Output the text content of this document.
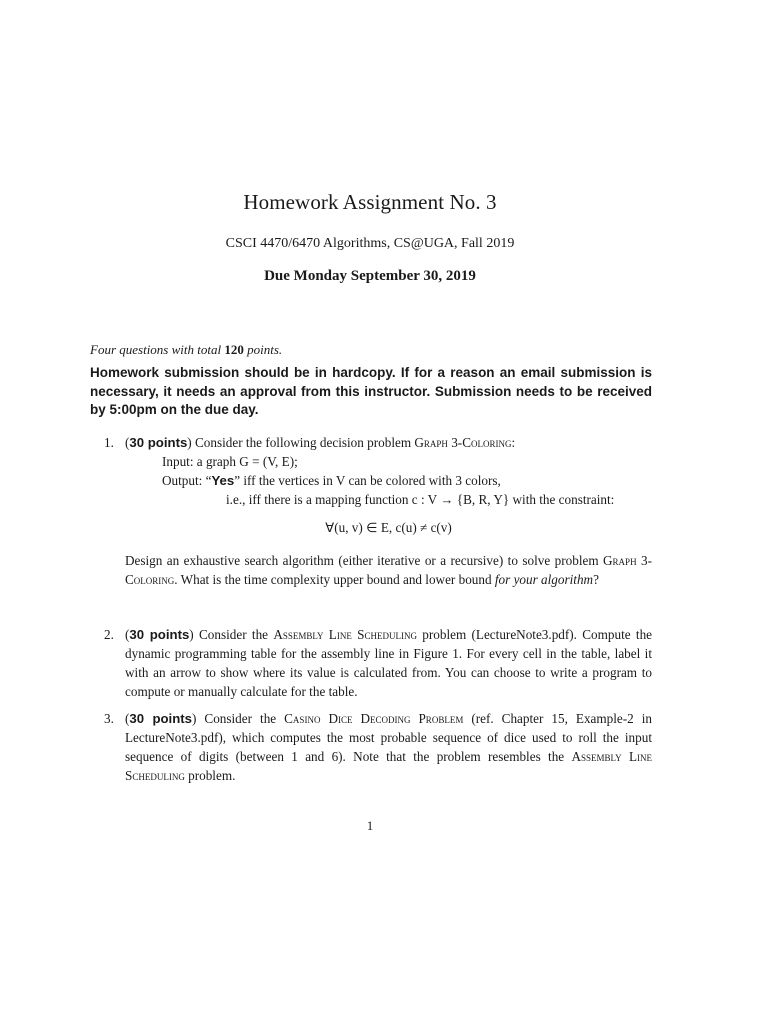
Homework Assignment No. 3
CSCI 4470/6470 Algorithms, CS@UGA, Fall 2019
Due Monday September 30, 2019
Four questions with total 120 points.
Homework submission should be in hardcopy. If for a reason an email submission is necessary, it needs an approval from this instructor. Submission needs to be received by 5:00pm on the due day.
1. (30 points) Consider the following decision problem Graph 3-Coloring:
Input: a graph G = (V, E);
Output: “Yes” iff the vertices in V can be colored with 3 colors,
i.e., iff there is a mapping function c : V → {B, R, Y} with the constraint:
∀(u, v) ∈ E, c(u) ≠ c(v)
Design an exhaustive search algorithm (either iterative or a recursive) to solve problem Graph 3-Coloring. What is the time complexity upper bound and lower bound for your algorithm?
2. (30 points) Consider the Assembly Line Scheduling problem (LectureNote3.pdf). Compute the dynamic programming table for the assembly line in Figure 1. For every cell in the table, label it with an arrow to show where its value is calculated from. You can choose to write a program to compute or manually calculate for the table.
3. (30 points) Consider the Casino Dice Decoding Problem (ref. Chapter 15, Example-2 in LectureNote3.pdf), which computes the most probable sequence of dice used to roll the input sequence of digits (between 1 and 6). Note that the problem resembles the Assembly Line Scheduling problem.
1
